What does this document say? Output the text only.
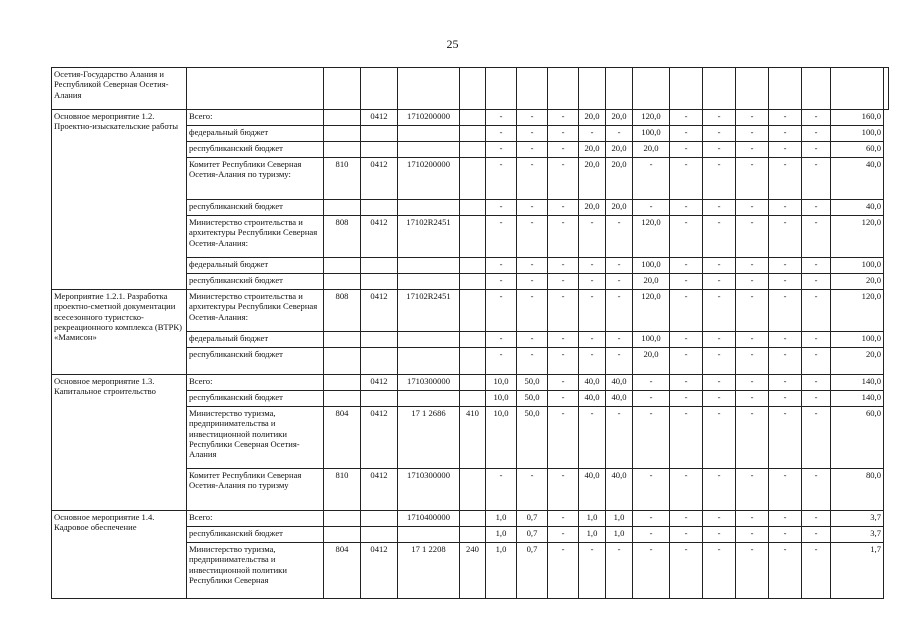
25
Осетия-Государство Алания и Республикой Северная Осетия-Алания																		
Основное мероприятие 1.2. Проектно-изыскательские работы	Всего:		0412	1710200000		-	-	-	20,0	20,0	120,0	-	-	-	-	-	160,0	
	федеральный бюджет					-	-	-	-	-	100,0	-	-	-	-	-	100,0	
	республиканский бюджет					-	-	-	20,0	20,0	20,0	-	-	-	-	-	60,0	
	Комитет Республики Северная Осетия-Алания по туризму:	810	0412	1710200000		-	-	-	20,0	20,0	-	-	-	-	-	-	40,0	
	республиканский бюджет					-	-	-	20,0	20,0	-	-	-	-	-	-	40,0	
	Министерство строительства и архитектуры Республики Северная Осетия-Алания:	808	0412	17102R2451		-	-	-	-	-	120,0	-	-	-	-	-	120,0	
	федеральный бюджет					-	-	-	-	-	100,0	-	-	-	-	-	100,0	
	республиканский бюджет					-	-	-	-	-	20,0	-	-	-	-	-	20,0	
Мероприятие 1.2.1. Разработка проектно-сметной документации всесезонного туристско-рекреационного комплекса (ВТРК) «Мамисон»	Министерство строительства и архитектуры Республики Северная Осетия-Алания:	808	0412	17102R2451		-	-	-	-	-	120,0	-	-	-	-	-	120,0	
	федеральный бюджет					-	-	-	-	-	100,0	-	-	-	-	-	100,0	
	республиканский бюджет					-	-	-	-	-	20,0	-	-	-	-	-	20,0	
Основное мероприятие 1.3. Капитальное строительство	Всего:		0412	1710300000		10,0	50,0	-	40,0	40,0	-	-	-	-	-	-	140,0	
	республиканский бюджет					10,0	50,0	-	40,0	40,0	-	-	-	-	-	-	140,0	
	Министерство туризма, предпринимательства и инвестиционной политики Республики Северная Осетия-Алания	804	0412	17 1 2686	410	10,0	50,0	-	-	-	-	-	-	-	-	-	60,0	
	Комитет Республики Северная Осетия-Алания по туризму	810	0412	1710300000		-	-	-	40,0	40,0	-	-	-	-	-	-	80,0	
Основное мероприятие 1.4. Кадровое обеспечение	Всего:			1710400000		1,0	0,7	-	1,0	1,0	-	-	-	-	-	-	3,7	
	республиканский бюджет					1,0	0,7	-	1,0	1,0	-	-	-	-	-	-	3,7	
	Министерство туризма, предпринимательства и инвестиционной политики Республики Северная	804	0412	17 1 2208	240	1,0	0,7	-	-	-	-	-	-	-	-	-	1,7	
